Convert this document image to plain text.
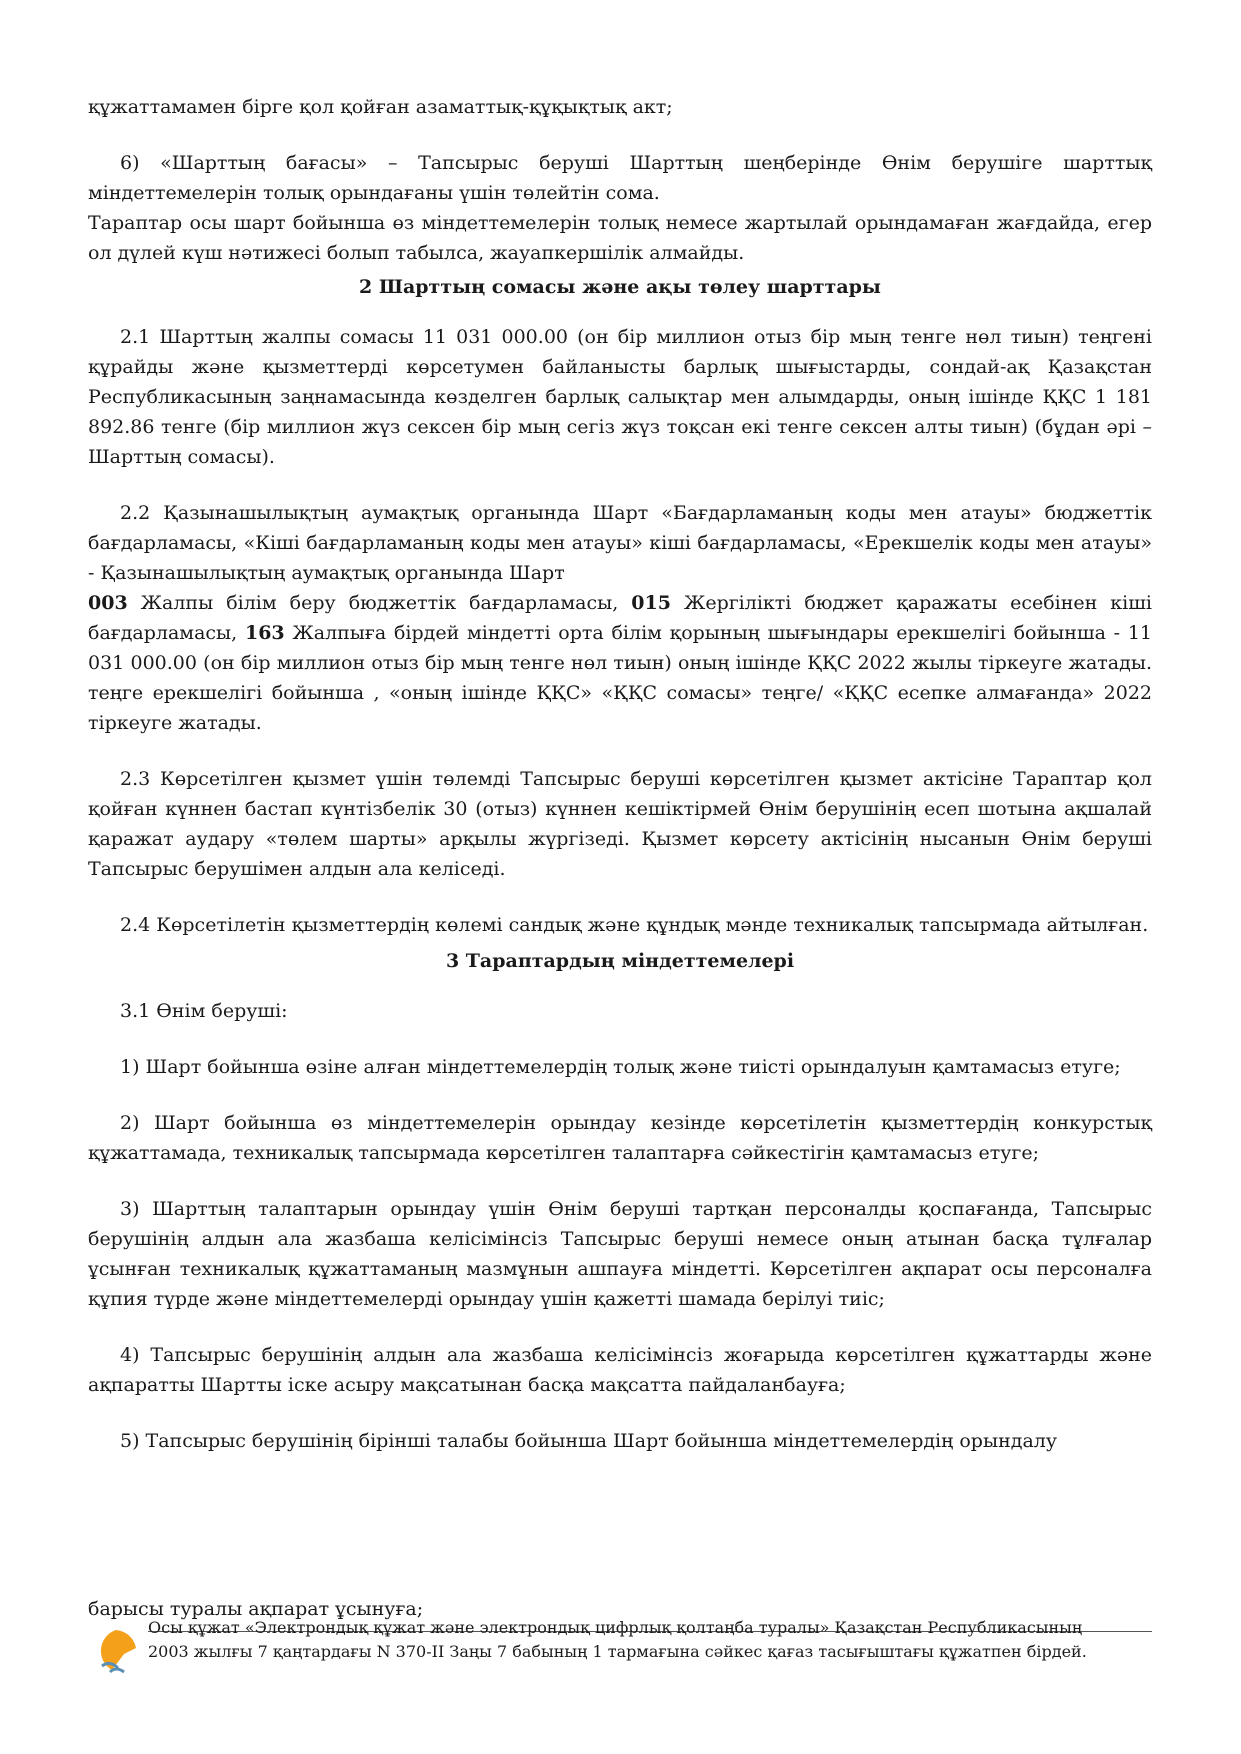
құжаттамамен бірге қол қойған азаматтық-құқықтық акт;

6) «Шарттың бағасы» – Тапсырыс беруші Шарттың шеңберінде Өнім берушіге шарттық міндеттемелерін толық орындағаны үшін төлейтін сома.

Тараптар осы шарт бойынша өз міндеттемелерін толық немесе жартылай орындамаған жағдайда, егер ол дүлей күш нәтижесі болып табылса, жауапкершілік алмайды.

2 Шарттың сомасы және ақы төлеу шарттары

2.1 Шарттың жалпы сомасы 11 031 000.00 (он бір миллион отыз бір мың тенге нөл тиын) теңгені құрайды және қызметтерді көрсетумен байланысты барлық шығыстарды, сондай-ақ Қазақстан Республикасының заңнамасында көзделген барлық салықтар мен алымдарды, оның ішінде ҚҚС 1 181 892.86 тенге (бір миллион жүз сексен бір мың сегіз жүз тоқсан екі тенге сексен алты тиын) (бұдан әрі – Шарттың сомасы).

2.2 Қазынашылықтың аумақтық органында Шарт «Бағдарламаның коды мен атауы» бюджеттік бағдарламасы, «Кіші бағдарламаның коды мен атауы» кіші бағдарламасы, «Ерекшелік коды мен атауы» - Қазынашылықтың аумақтық органында Шарт
003 Жалпы білім беру бюджеттік бағдарламасы, 015 Жергілікті бюджет қаражаты есебінен кіші бағдарламасы, 163 Жалпыға бірдей міндетті орта білім қорының шығындары ерекшелігі бойынша - 11 031 000.00 (он бір миллион отыз бір мың тенге нөл тиын) оның ішінде ҚҚС 2022 жылы тіркеуге жатады. теңге ерекшелігі бойынша , «оның ішінде ҚҚС» «ҚҚС сомасы» теңге/ «ҚҚС есепке алмағанда» 2022 тіркеуге жатады.

2.3 Көрсетілген қызмет үшін төлемді Тапсырыс беруші көрсетілген қызмет актісіне Тараптар қол қойған күннен бастап күнтізбелік 30 (отыз) күннен кешіктірмей Өнім берушінің есеп шотына ақшалай қаражат аудару «төлем шарты» арқылы жүргізеді. Қызмет көрсету актісінің нысанын Өнім беруші Тапсырыс берушімен алдын ала келіседі.

2.4 Көрсетілетін қызметтердің көлемі сандық және құндық мәнде техникалық тапсырмада айтылған.

3 Тараптардың міндеттемелері

3.1 Өнім беруші:

1) Шарт бойынша өзіне алған міндеттемелердің толық және тиісті орындалуын қамтамасыз етуге;

2) Шарт бойынша өз міндеттемелерін орындау кезінде көрсетілетін қызметтердің конкурстық құжаттамада, техникалық тапсырмада көрсетілген талаптарға сәйкестігін қамтамасыз етуге;

3) Шарттың талаптарын орындау үшін Өнім беруші тартқан персоналды қоспағанда, Тапсырыс берушінің алдын ала жазбаша келісімінсіз Тапсырыс беруші немесе оның атынан басқа тұлғалар ұсынған техникалық құжаттаманың мазмұнын ашпауға міндетті. Көрсетілген ақпарат осы персоналға құпия түрде және міндеттемелерді орындау үшін қажетті шамада берілуі тиіс;

4) Тапсырыс берушінің алдын ала жазбаша келісімінсіз жоғарыда көрсетілген құжаттарды және ақпаратты Шартты іске асыру мақсатынан басқа мақсатта пайдаланбауға;

5) Тапсырыс берушінің бірінші талабы бойынша Шарт бойынша міндеттемелердің орындалу

барысы туралы ақпарат ұсынуға;
Осы құжат «Электрондық құжат және электрондық цифрлық қолтаңба туралы» Қазақстан Республикасының 2003 жылғы 7 қаңтардағы N 370-II Заңы 7 бабының 1 тармағына сәйкес қағаз тасығыштағы құжатпен бірдей.
